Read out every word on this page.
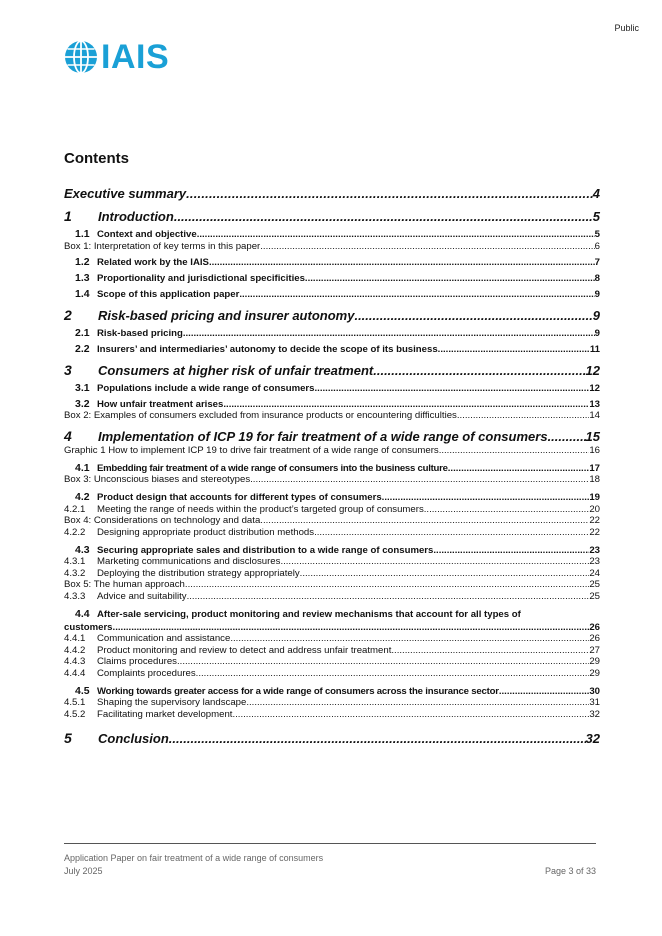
Public
IAIS
Contents
Executive summary .....	4
1	Introduction .....	5
1.1 Context and objective .....	5
Box 1: Interpretation of key terms in this paper .....	6
1.2 Related work by the IAIS .....	7
1.3 Proportionality and jurisdictional specificities .....	8
1.4 Scope of this application paper .....	9
2	Risk-based pricing and insurer autonomy .....	9
2.1 Risk-based pricing .....	9
2.2 Insurers’ and intermediaries’ autonomy to decide the scope of its business .....	11
3	Consumers at higher risk of unfair treatment .....	12
3.1 Populations include a wide range of consumers .....	12
3.2 How unfair treatment arises .....	13
Box 2: Examples of consumers excluded from insurance products or encountering difficulties .....	14
4	Implementation of ICP 19 for fair treatment of a wide range of consumers .....	15
Graphic 1 How to implement ICP 19 to drive fair treatment of a wide range of consumers .....	16
4.1 Embedding fair treatment of a wide range of consumers into the business culture .....	17
Box 3: Unconscious biases and stereotypes .....	18
4.2 Product design that accounts for different types of consumers .....	19
4.2.1	Meeting the range of needs within the product’s targeted group of consumers .....	20
Box 4: Considerations on technology and data .....	22
4.2.2	Designing appropriate product distribution methods .....	22
4.3 Securing appropriate sales and distribution to a wide range of consumers .....	23
4.3.1	Marketing communications and disclosures .....	23
4.3.2	Deploying the distribution strategy appropriately .....	24
Box 5: The human approach .....	25
4.3.3	Advice and suitability .....	25
4.4 After-sale servicing, product monitoring and review mechanisms that account for all types of
customers .....	26
4.4.1	Communication and assistance .....	26
4.4.2	Product monitoring and review to detect and address unfair treatment .....	27
4.4.3	Claims procedures .....	29
4.4.4	Complaints procedures .....	29
4.5 Working towards greater access for a wide range of consumers across the insurance sector .....	30
4.5.1	Shaping the supervisory landscape .....	31
4.5.2	Facilitating market development .....	32
5	Conclusion .....	32
Application Paper on fair treatment of a wide range of consumers
July 2025	Page 3 of 33
